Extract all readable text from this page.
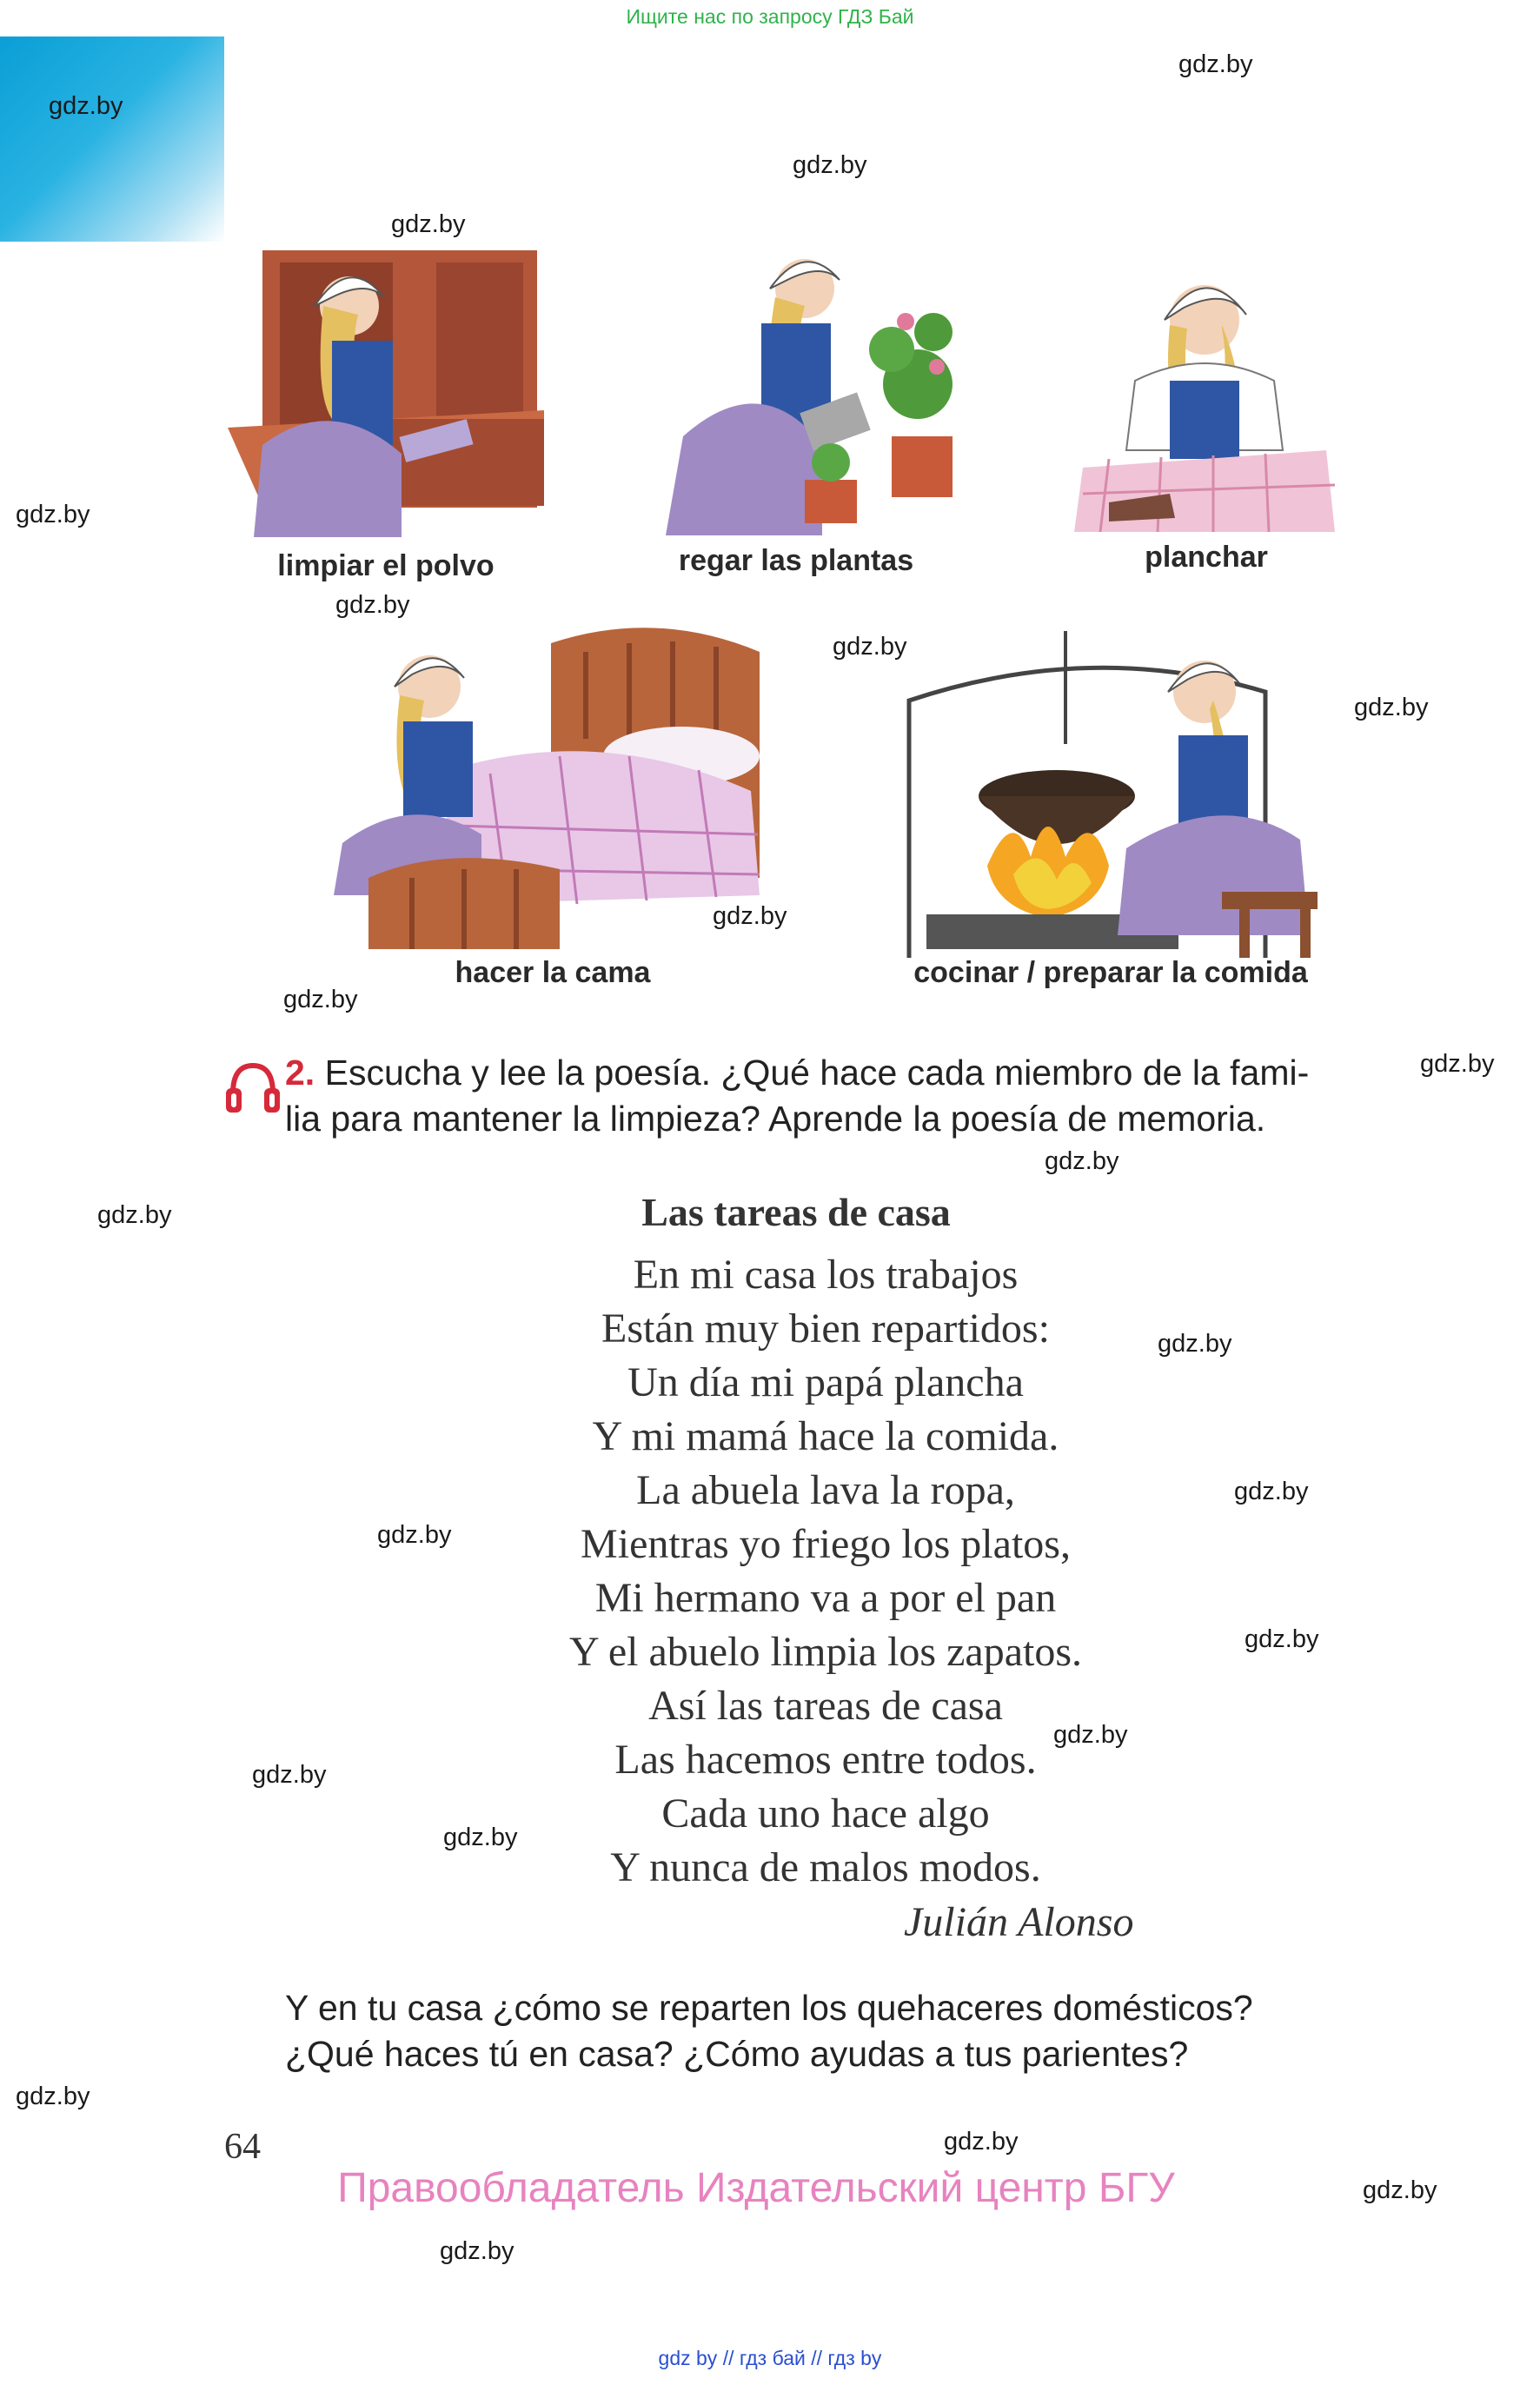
Ищите нас по запросу ГДЗ Бай
gdz.by
gdz.by
gdz.by
gdz.by
gdz.by
gdz.by
gdz.by
gdz.by
gdz.by
gdz.by
gdz.by
gdz.by
gdz.by
gdz.by
gdz.by
gdz.by
gdz.by
gdz.by
gdz.by
gdz.by
gdz.by
gdz.by
gdz.by
gdz.by
limpiar el polvo	regar las plantas	planchar
hacer la cama	cocinar / preparar la comida
2. Escucha y lee la poesía. ¿Qué hace cada miembro de la fami-
lia para mantener la limpieza? Aprende la poesía de memoria.
Las tareas de casa
En mi casa los trabajos
Están muy bien repartidos:
Un día mi papá plancha
Y mi mamá hace la comida.
La abuela lava la ropa,
Mientras yo friego los platos,
Mi hermano va a por el pan
Y el abuelo limpia los zapatos.
Así las tareas de casa
Las hacemos entre todos.
Cada uno hace algo
Y nunca de malos modos.
Julián Alonso
Y en tu casa ¿cómo se reparten los quehaceres domésticos?
¿Qué haces tú en casa? ¿Cómo ayudas a tus parientes?
64
Правообладатель Издательский центр БГУ
gdz by // гдз бай // гдз by
